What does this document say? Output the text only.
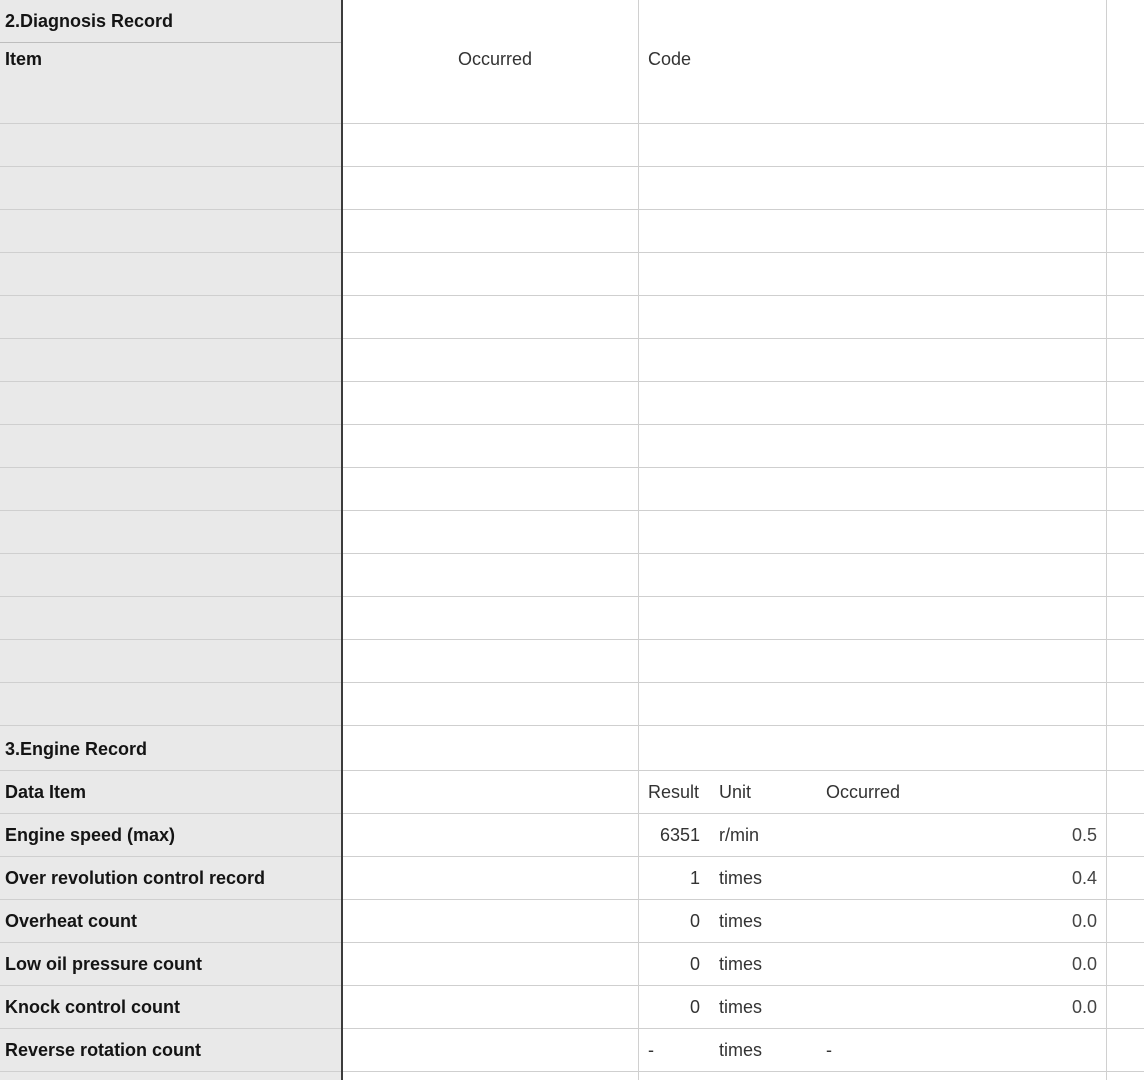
2.Diagnosis Record
Item	Occurred	Code
3.Engine Record
Data Item	Result Unit	Occurred
Engine speed (max)	6351 r/min	0.5
Over revolution control record	1 times	0.4
Overheat count	0 times	0.0
Low oil pressure count	0 times	0.0
Knock control count	0 times	0.0
Reverse rotation count	-	times	-
